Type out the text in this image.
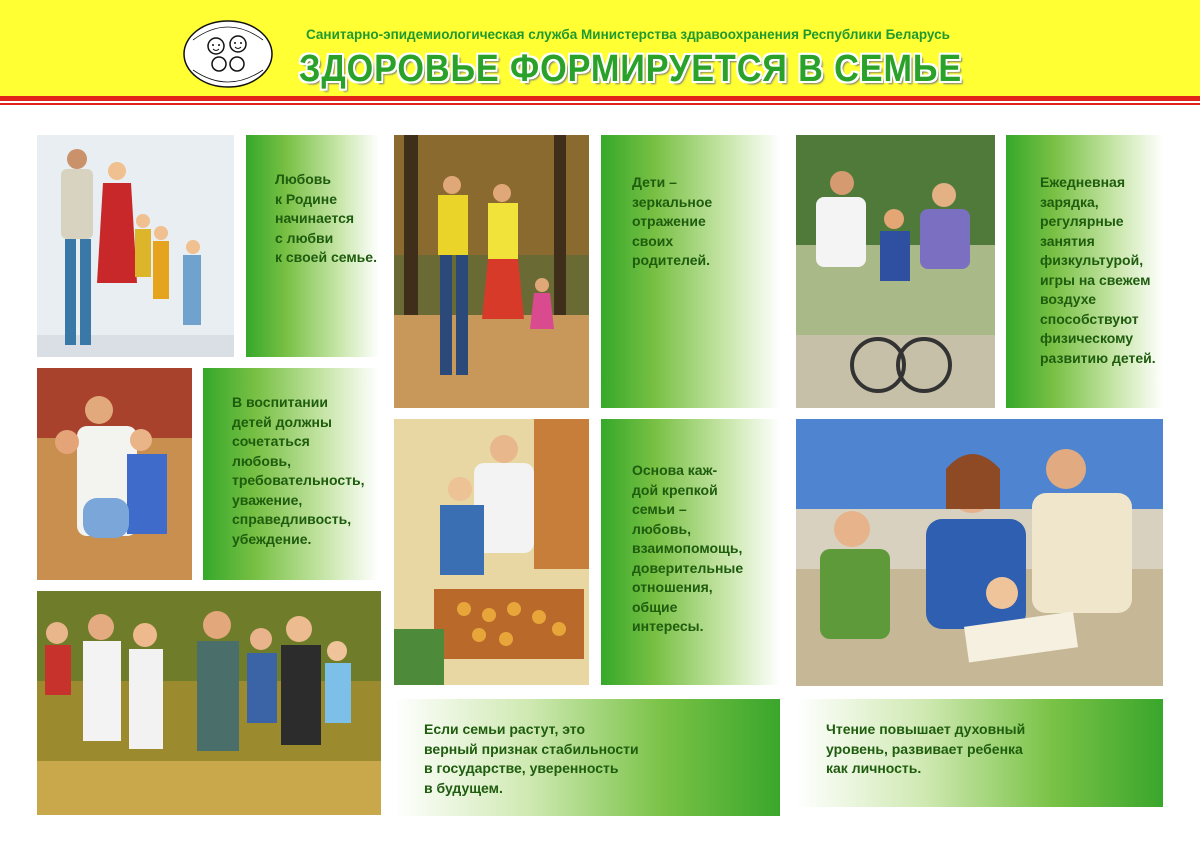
Санитарно-эпидемиологическая служба Министерства здравоохранения Республики Беларусь
ЗДОРОВЬЕ ФОРМИРУЕТСЯ В СЕМЬЕ
Любовь
к Родине
начинается
с любви
к своей семье.
Дети –
зеркальное
отражение
своих
родителей.
Ежедневная
зарядка,
регулярные
занятия
физкультурой,
игры на свежем
воздухе
способствуют
физическому
развитию детей.
В воспитании
детей должны
сочетаться
любовь,
требовательность,
уважение,
справедливость,
убеждение.
Основа каж-
дой крепкой
семьи –
любовь,
взаимопомощь,
доверительные
отношения,
общие
интересы.
Если семьи растут, это
верный признак стабильности
в государстве, уверенность
в будущем.
Чтение повышает духовный
уровень, развивает ребенка
как личность.
